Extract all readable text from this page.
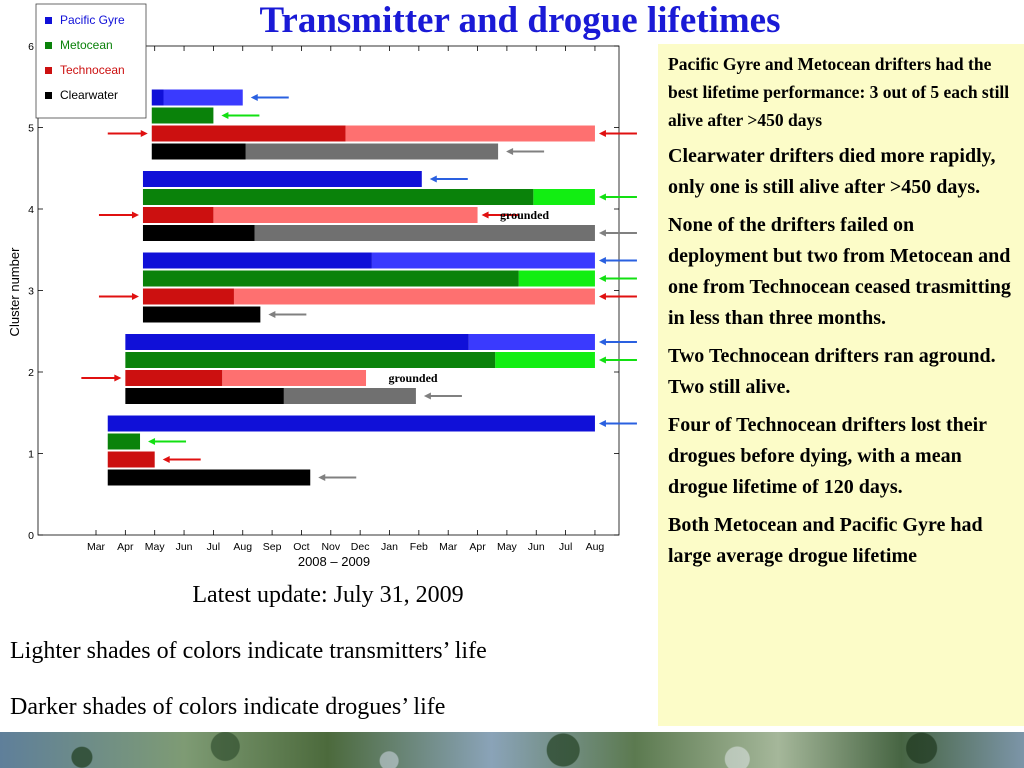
Transmitter and drogue lifetimes
0
1
2
3
4
5
6
Mar Apr May Jun Jul Aug Sep Oct Nov Dec Jan Feb Mar Apr May Jun Jul Aug
grounded
grounded
2008 – 2009
Cluster number
Pacific Gyre
Metocean
Technocean
Clearwater

Pacific Gyre and Metocean drifters had the best lifetime performance: 3 out of 5 each still alive after >450 days

Clearwater drifters died more rapidly, only one is still alive after >450 days.

None of the drifters failed on deployment but two from Metocean and one from Technocean ceased trasmitting in less than three months.

Two Technocean drifters ran aground. Two still alive.

Four of Technocean drifters lost their drogues before dying, with a mean drogue lifetime of 120 days.

Both Metocean and Pacific Gyre had large average drogue lifetime

Latest update: July 31, 2009

Lighter shades of colors indicate transmitters’ life

Darker shades of colors indicate drogues’ life
